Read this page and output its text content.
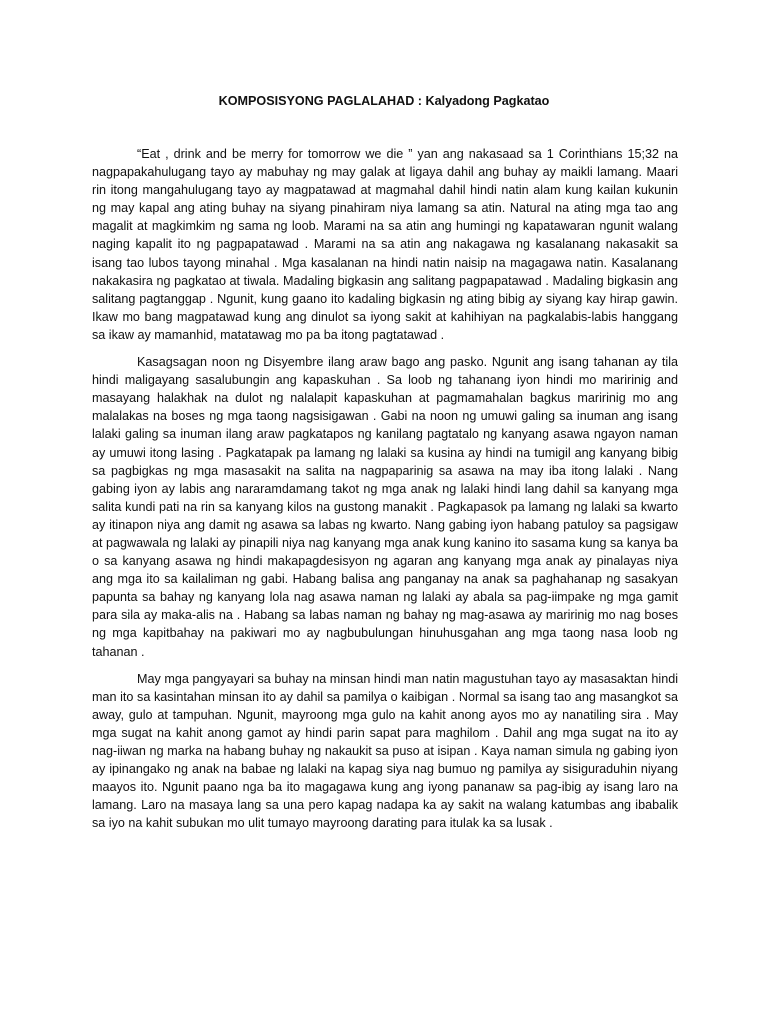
KOMPOSISYONG PAGLALAHAD : Kalyadong Pagkatao

“Eat , drink and be merry for tomorrow we die ” yan ang nakasaad sa 1 Corinthians 15;32 na nagpapakahulugang tayo ay mabuhay ng may galak at ligaya dahil ang buhay ay maikli lamang. Maari rin itong mangahulugang tayo ay magpatawad at magmahal dahil hindi natin alam kung kailan kukunin ng may kapal ang ating buhay na siyang pinahiram niya lamang sa atin. Natural na ating mga tao ang magalit at magkimkim ng sama ng loob. Marami na sa atin ang humingi ng kapatawaran ngunit walang naging kapalit ito ng pagpapatawad . Marami na sa atin ang nakagawa ng kasalanang nakasakit sa isang tao lubos tayong minahal . Mga kasalanan na hindi natin naisip na magagawa natin. Kasalanang nakakasira ng pagkatao at tiwala. Madaling bigkasin ang salitang pagpapatawad . Madaling bigkasin ang salitang pagtanggap . Ngunit, kung gaano ito kadaling bigkasin ng ating bibig ay siyang kay hirap gawin. Ikaw mo bang magpatawad kung ang dinulot sa iyong sakit at kahihiyan na pagkalabis-labis hanggang sa ikaw ay mamanhid, matatawag mo pa ba itong pagtatawad .

Kasagsagan noon ng Disyembre ilang araw bago ang pasko. Ngunit ang isang tahanan ay tila hindi maligayang sasalubungin ang kapaskuhan . Sa loob ng tahanang iyon hindi mo maririnig and masayang halakhak na dulot ng nalalapit kapaskuhan at pagmamahalan bagkus maririnig mo ang malalakas na boses ng mga taong nagsisigawan . Gabi na noon ng umuwi galing sa inuman ang isang lalaki galing sa inuman ilang araw pagkatapos ng kanilang pagtatalo ng kanyang asawa ngayon naman ay umuwi itong lasing . Pagkatapak pa lamang ng lalaki sa kusina ay hindi na tumigil ang kanyang bibig sa pagbigkas ng mga masasakit na salita na nagpaparinig sa asawa na may iba itong lalaki . Nang gabing iyon ay labis ang nararamdamang takot ng mga anak ng lalaki hindi lang dahil sa kanyang mga salita kundi pati na rin sa kanyang kilos na gustong manakit . Pagkapasok pa lamang ng lalaki sa kwarto ay itinapon niya ang damit ng asawa sa labas ng kwarto. Nang gabing iyon habang patuloy sa pagsigaw at pagwawala ng lalaki ay pinapili niya nag kanyang mga anak kung kanino ito sasama kung sa kanya ba o sa kanyang asawa ng hindi makapagdesisyon ng agaran ang kanyang mga anak ay pinalayas niya ang mga ito sa kailaliman ng gabi. Habang balisa ang panganay na anak sa paghahanap ng sasakyan papunta sa bahay ng kanyang lola nag asawa naman ng lalaki ay abala sa pag-iimpake ng mga gamit para sila ay maka-alis na . Habang sa labas naman ng bahay ng mag-asawa ay maririnig mo nag boses ng mga kapitbahay na pakiwari mo ay nagbubulungan hinuhusgahan ang mga taong nasa loob ng tahanan .

May mga pangyayari sa buhay na minsan hindi man natin magustuhan tayo ay masasaktan hindi man ito sa kasintahan minsan ito ay dahil sa pamilya o kaibigan . Normal sa isang tao ang masangkot sa away, gulo at tampuhan. Ngunit, mayroong mga gulo na kahit anong ayos mo ay nanatiling sira . May mga sugat na kahit anong gamot ay hindi parin sapat para maghilom . Dahil ang mga sugat na ito ay nag-iiwan ng marka na habang buhay ng nakaukit sa puso at isipan . Kaya naman simula ng gabing iyon ay ipinangako ng anak na babae ng lalaki na kapag siya nag bumuo ng pamilya ay sisiguraduhin niyang maayos ito. Ngunit paano nga ba ito magagawa kung ang iyong pananaw sa pag-ibig ay isang laro na lamang. Laro na masaya lang sa una pero kapag nadapa ka ay sakit na walang katumbas ang ibabalik sa iyo na kahit subukan mo ulit tumayo mayroong darating para itulak ka sa lusak .
